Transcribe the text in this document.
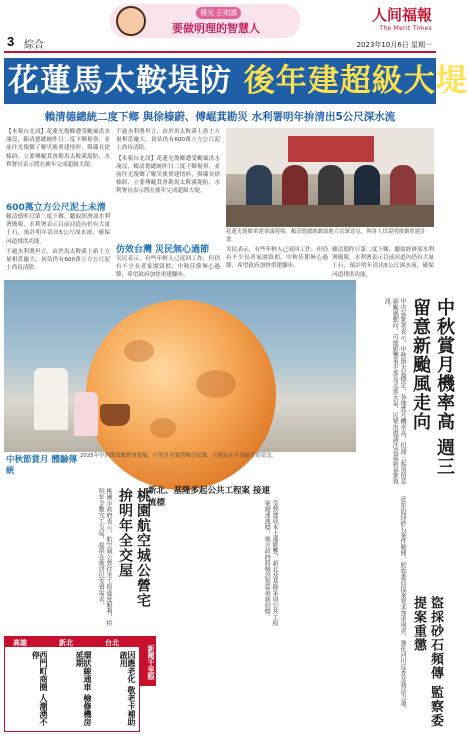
3 綜合
傳光 正唱課
要做明理的智慧人
人间福報
The Merit Times
2023年10月6日 星期一
花蓮馬太鞍堤防 後年建超級大堤
賴清德總統二度下鄉 與徐榛蔚、傅崐萁勘災 水利署明年拚清出5公尺深水流

【本報台北訊】花蓮光復鄉遭受颱風洪水淹沒，賴清德總統昨日二度下鄉視察，並前往光復鄉了解災後重建情形，與縣長徐榛蔚、立委傅崐萁會勘馬太鞍溪堤防，水利署長表示將在後年完成超級大堤。

600萬立方公尺泥土未清

賴清德昨日第二度下鄉，聽取經濟部水利署簡報，水利署表示目前河道內仍有大量土石，預計明年清出5公尺深水流，確保河道排洪功能。

不過水利署坦言，由於馬太鞍溪上游土方量相當龐大，初估仍有600萬立方公尺泥土尚待清除。

不過水利署坦言，由於馬太鞍溪上游土方量相當龐大，初估仍有600萬立方公尺泥土尚待清除。

【本報台北訊】花蓮光復鄉遭受颱風洪水淹沒，賴清德總統昨日二度下鄉視察，並前往光復鄉了解災後重建情形，與縣長徐榛蔚、立委傅崐萁會勘馬太鞍溪堤防，水利署長表示將在後年完成超級大堤。

仿效台灣 災民無心過節

災民表示，有些年輕人已返回工作，但仍有不少長者家園毀損，中秋佳節無心過節，希望政府加快重建腳步。

花蓮光復鄉重建會議現場，賴清德總統聽取地方民眾意見，與會人員說明後續重建計畫。

災民表示，有些年輕人已返回工作，但仍有不少長者家園毀損，中秋佳節無心過節，希望政府加快重建腳步。

賴清德昨日第二度下鄉，聽取經濟部水利署簡報，水利署表示目前河道內仍有大量土石，預計明年清出5公尺深水流，確保河道排洪功能。

中秋節賞月 體驗傳統
2025年中秋節高雄燈會現場，巨型月亮裝置吸引民眾，小朋友在月亮前合影留念。	中秋賞月機率高 週三留意新颱風走向
中央氣象署表示，中秋節天氣穩定，各地賞月機率高，但週三起須留意新颱風動向，可能影響東半部及北部天氣，民眾出遊請注意最新氣象資訊。
桃園航空城公營宅 拚明年全交屋
桃園市政府表示，航空城公營住宅工程進度順利，拚明年全數完工交屋，提供在地居民安置需求。	新北、基隆多起公共工程案 接連流標	受營建成本上漲影響，新北及基隆多項公共工程案接連流標，地方政府將檢討預算重新招標。
盜採砂石頻傳 監察委提案重懲
近年盜採砂石案件頻傳，監察委員提案要求加重刑責，強化河川巡查及執法力道。
高雄	新北	台北
因應老化 敬老卡補助啟用
環狀線通車 檢修機房延期
西門町商圈 人潮湧不停	新聞千里眼
